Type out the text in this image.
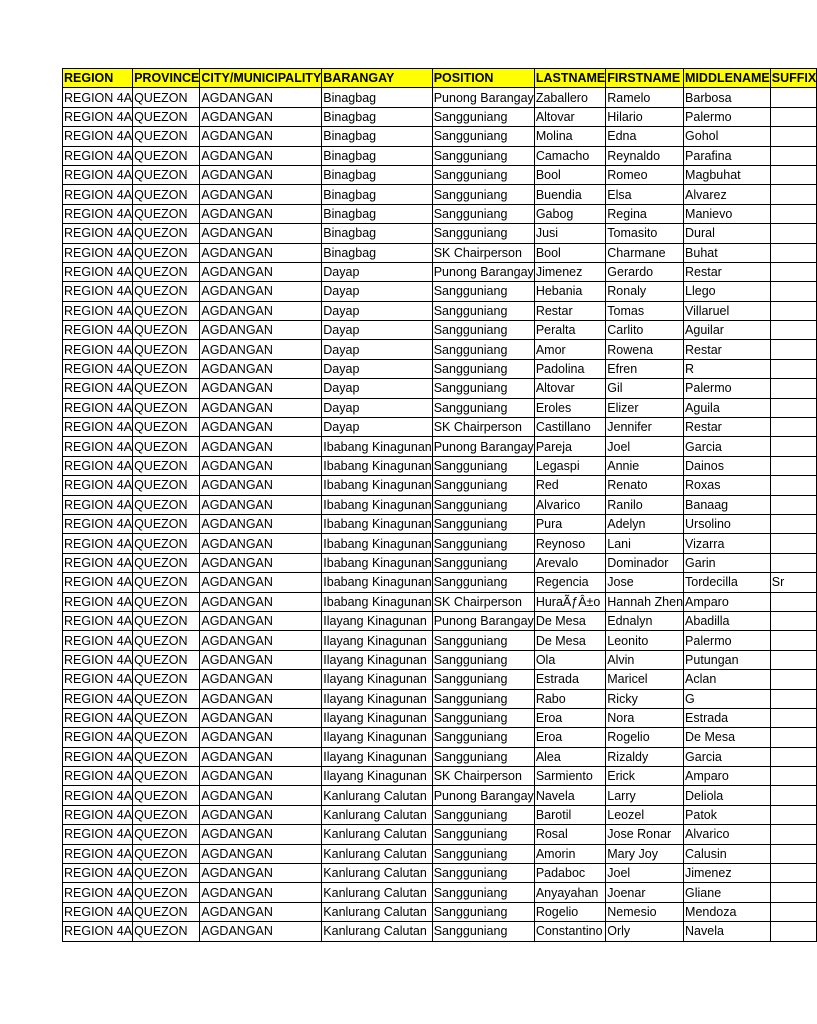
REGION	PROVINCE	CITY/MUNICIPALITY	BARANGAY	POSITION	LASTNAME	FIRSTNAME	MIDDLENAME	SUFFIX
REGION 4A	QUEZON	AGDANGAN	Binagbag	Punong Barangay	Zaballero	Ramelo	Barbosa	
REGION 4A	QUEZON	AGDANGAN	Binagbag	Sangguniang	Altovar	Hilario	Palermo	
REGION 4A	QUEZON	AGDANGAN	Binagbag	Sangguniang	Molina	Edna	Gohol	
REGION 4A	QUEZON	AGDANGAN	Binagbag	Sangguniang	Camacho	Reynaldo	Parafina	
REGION 4A	QUEZON	AGDANGAN	Binagbag	Sangguniang	Bool	Romeo	Magbuhat	
REGION 4A	QUEZON	AGDANGAN	Binagbag	Sangguniang	Buendia	Elsa	Alvarez	
REGION 4A	QUEZON	AGDANGAN	Binagbag	Sangguniang	Gabog	Regina	Manievo	
REGION 4A	QUEZON	AGDANGAN	Binagbag	Sangguniang	Jusi	Tomasito	Dural	
REGION 4A	QUEZON	AGDANGAN	Binagbag	SK Chairperson	Bool	Charmane	Buhat	
REGION 4A	QUEZON	AGDANGAN	Dayap	Punong Barangay	Jimenez	Gerardo	Restar	
REGION 4A	QUEZON	AGDANGAN	Dayap	Sangguniang	Hebania	Ronaly	Llego	
REGION 4A	QUEZON	AGDANGAN	Dayap	Sangguniang	Restar	Tomas	Villaruel	
REGION 4A	QUEZON	AGDANGAN	Dayap	Sangguniang	Peralta	Carlito	Aguilar	
REGION 4A	QUEZON	AGDANGAN	Dayap	Sangguniang	Amor	Rowena	Restar	
REGION 4A	QUEZON	AGDANGAN	Dayap	Sangguniang	Padolina	Efren	R	
REGION 4A	QUEZON	AGDANGAN	Dayap	Sangguniang	Altovar	Gil	Palermo	
REGION 4A	QUEZON	AGDANGAN	Dayap	Sangguniang	Eroles	Elizer	Aguila	
REGION 4A	QUEZON	AGDANGAN	Dayap	SK Chairperson	Castillano	Jennifer	Restar	
REGION 4A	QUEZON	AGDANGAN	Ibabang Kinagunan	Punong Barangay	Pareja	Joel	Garcia	
REGION 4A	QUEZON	AGDANGAN	Ibabang Kinagunan	Sangguniang	Legaspi	Annie	Dainos	
REGION 4A	QUEZON	AGDANGAN	Ibabang Kinagunan	Sangguniang	Red	Renato	Roxas	
REGION 4A	QUEZON	AGDANGAN	Ibabang Kinagunan	Sangguniang	Alvarico	Ranilo	Banaag	
REGION 4A	QUEZON	AGDANGAN	Ibabang Kinagunan	Sangguniang	Pura	Adelyn	Ursolino	
REGION 4A	QUEZON	AGDANGAN	Ibabang Kinagunan	Sangguniang	Reynoso	Lani	Vizarra	
REGION 4A	QUEZON	AGDANGAN	Ibabang Kinagunan	Sangguniang	Arevalo	Dominador	Garin	
REGION 4A	QUEZON	AGDANGAN	Ibabang Kinagunan	Sangguniang	Regencia	Jose	Tordecilla	Sr
REGION 4A	QUEZON	AGDANGAN	Ibabang Kinagunan	SK Chairperson	HuraÃƒÂ±o	Hannah Zhen	Amparo	
REGION 4A	QUEZON	AGDANGAN	Ilayang Kinagunan	Punong Barangay	De Mesa	Ednalyn	Abadilla	
REGION 4A	QUEZON	AGDANGAN	Ilayang Kinagunan	Sangguniang	De Mesa	Leonito	Palermo	
REGION 4A	QUEZON	AGDANGAN	Ilayang Kinagunan	Sangguniang	Ola	Alvin	Putungan	
REGION 4A	QUEZON	AGDANGAN	Ilayang Kinagunan	Sangguniang	Estrada	Maricel	Aclan	
REGION 4A	QUEZON	AGDANGAN	Ilayang Kinagunan	Sangguniang	Rabo	Ricky	G	
REGION 4A	QUEZON	AGDANGAN	Ilayang Kinagunan	Sangguniang	Eroa	Nora	Estrada	
REGION 4A	QUEZON	AGDANGAN	Ilayang Kinagunan	Sangguniang	Eroa	Rogelio	De Mesa	
REGION 4A	QUEZON	AGDANGAN	Ilayang Kinagunan	Sangguniang	Alea	Rizaldy	Garcia	
REGION 4A	QUEZON	AGDANGAN	Ilayang Kinagunan	SK Chairperson	Sarmiento	Erick	Amparo	
REGION 4A	QUEZON	AGDANGAN	Kanlurang Calutan	Punong Barangay	Navela	Larry	Deliola	
REGION 4A	QUEZON	AGDANGAN	Kanlurang Calutan	Sangguniang	Barotil	Leozel	Patok	
REGION 4A	QUEZON	AGDANGAN	Kanlurang Calutan	Sangguniang	Rosal	Jose Ronar	Alvarico	
REGION 4A	QUEZON	AGDANGAN	Kanlurang Calutan	Sangguniang	Amorin	Mary Joy	Calusin	
REGION 4A	QUEZON	AGDANGAN	Kanlurang Calutan	Sangguniang	Padaboc	Joel	Jimenez	
REGION 4A	QUEZON	AGDANGAN	Kanlurang Calutan	Sangguniang	Anyayahan	Joenar	Gliane	
REGION 4A	QUEZON	AGDANGAN	Kanlurang Calutan	Sangguniang	Rogelio	Nemesio	Mendoza	
REGION 4A	QUEZON	AGDANGAN	Kanlurang Calutan	Sangguniang	Constantino	Orly	Navela	
